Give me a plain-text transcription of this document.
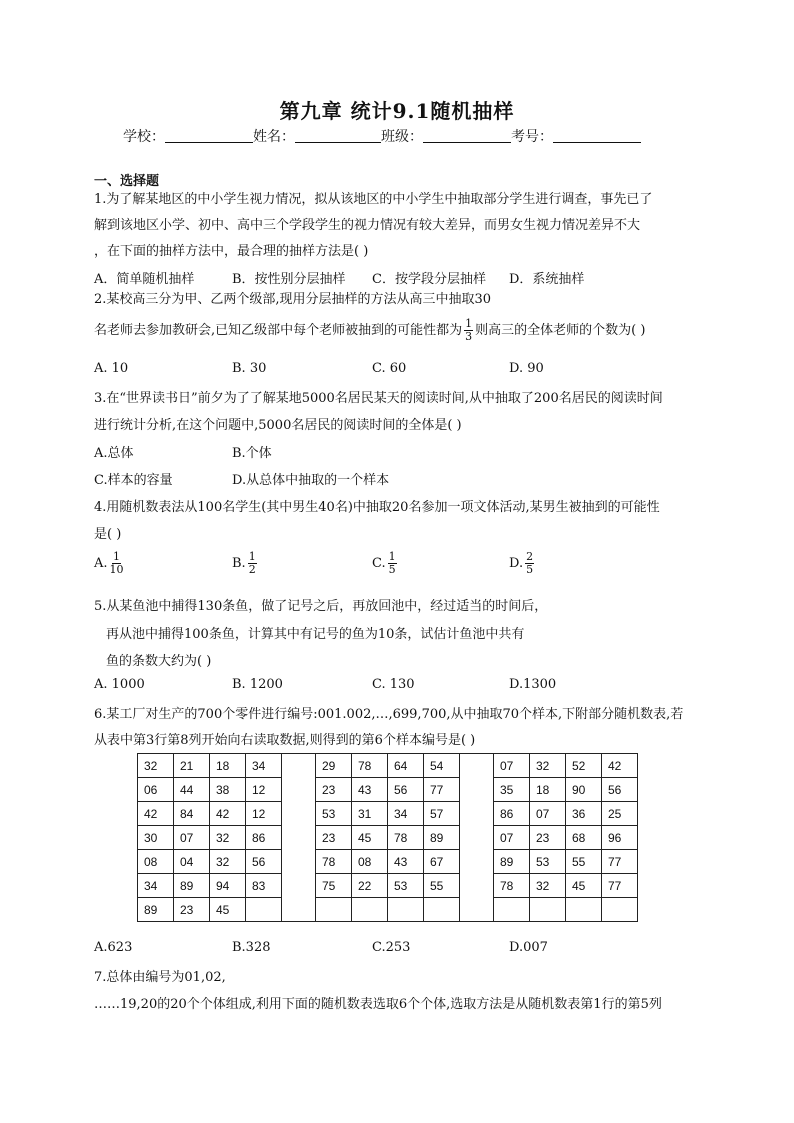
第九章 统计9.1随机抽样
学校：	姓名：	班级：	考号：
一、选择题
1.为了解某地区的中小学生视力情况，拟从该地区的中小学生中抽取部分学生进行调查，事先已了
解到该地区小学、初中、高中三个学段学生的视力情况有较大差异，而男女生视力情况差异不大
，在下面的抽样方法中，最合理的抽样方法是( )
A．简单随机抽样	B．按性别分层抽样 C．按学段分层抽样 D．系统抽样
2.某校高三分为甲、乙两个级部,现用分层抽样的方法从高三中抽取30
名老师去参加教研会,已知乙级部中每个老师被抽到的可能性都为 $\frac{1}{3}$ 则高三的全体老师的个数为( )
A. 10	B. 30	C. 60	D. 90
3.在“世界读书日”前夕为了了解某地5000名居民某天的阅读时间,从中抽取了200名居民的阅读时间
进行统计分析,在这个问题中,5000名居民的阅读时间的全体是( )
A.总体	B.个体
C.样本的容量	D.从总体中抽取的一个样本
4.用随机数表法从100名学生(其中男生40名)中抽取20名参加一项文体活动,某男生被抽到的可能性
是( )
A. $\frac{1}{10}$	B. $\frac{1}{2}$	C. $\frac{1}{5}$	D. $\frac{2}{5}$
5.从某鱼池中捕得130条鱼，做了记号之后，再放回池中，经过适当的时间后，
再从池中捕得100条鱼，计算其中有记号的鱼为10条，试估计鱼池中共有
鱼的条数大约为( )
A. 1000	B. 1200	C. 130	D.1300
6.某工厂对生产的700个零件进行编号:001.002,…,699,700,从中抽取70个样本,下附部分随机数表,若
从表中第3行第8列开始向右读取数据,则得到的第6个样本编号是( )
32	21	18	34		29	78	64	54		07	32	52	42
06	44	38	12		23	43	56	77		35	18	90	56
42	84	42	12		53	31	34	57		86	07	36	25
30	07	32	86		23	45	78	89		07	23	68	96
08	04	32	56		78	08	43	67		89	53	55	77
34	89	94	83		75	22	53	55		78	32	45	77
89	23	45											
A.623	B.328	C.253	D.007
7.总体由编号为01,02,
……19,20的20个个体组成,利用下面的随机数表选取6个个体,选取方法是从随机数表第1行的第5列
